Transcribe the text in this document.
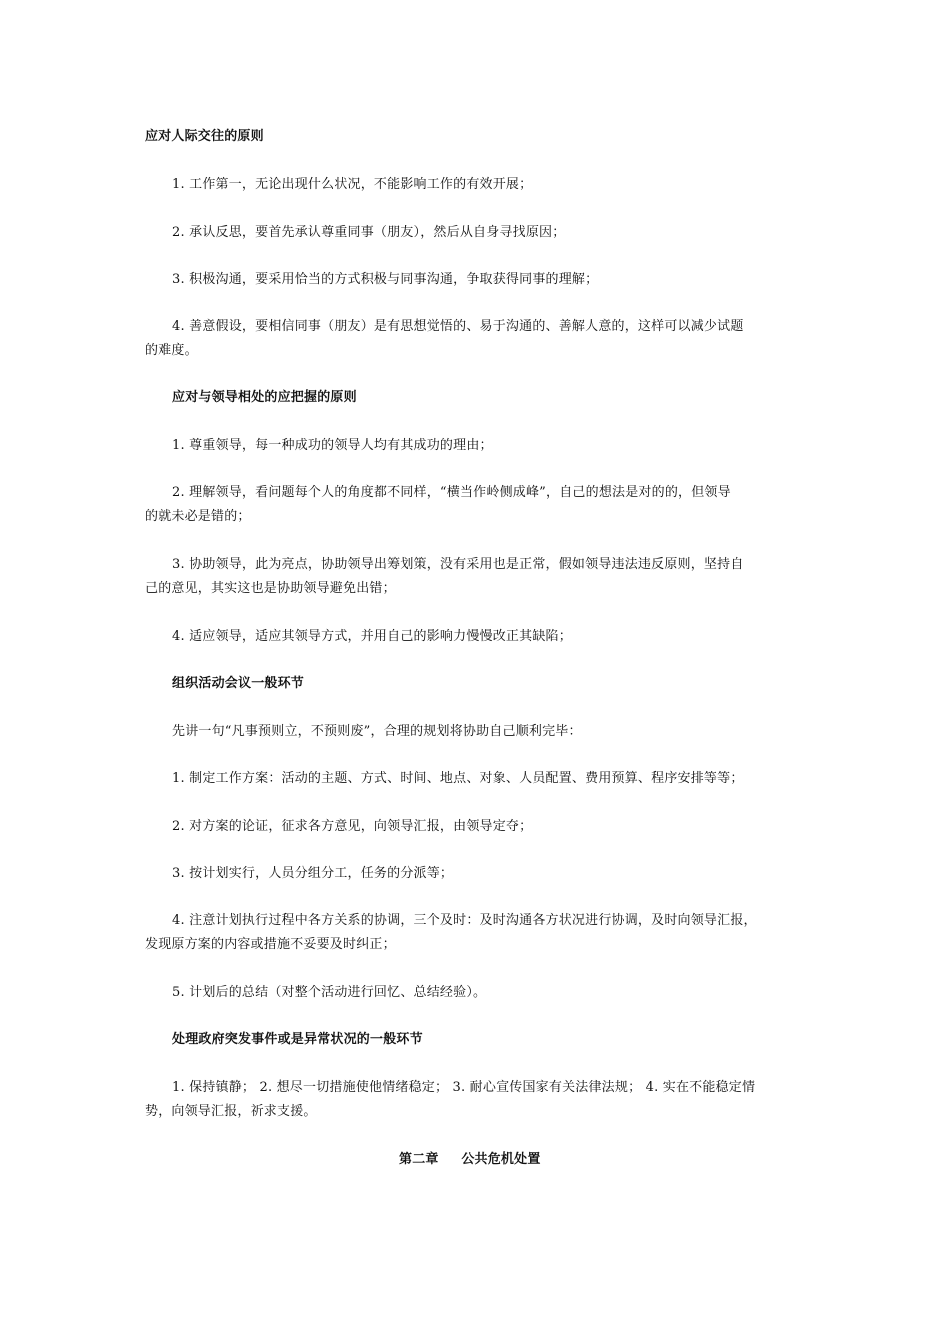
应对人际交往的原则
1. 工作第一，无论出现什么状况，不能影响工作的有效开展；
2. 承认反思，要首先承认尊重同事（朋友），然后从自身寻找原因；
3. 积极沟通，要采用恰当的方式积极与同事沟通，争取获得同事的理解；
4. 善意假设，要相信同事（朋友）是有思想觉悟的、易于沟通的、善解人意的，这样可以减少试题
的难度。
应对与领导相处的应把握的原则
1. 尊重领导，每一种成功的领导人均有其成功的理由；
2. 理解领导，看问题每个人的角度都不同样，“横当作岭侧成峰”，自己的想法是对的的，但领导
的就未必是错的；
3. 协助领导，此为亮点，协助领导出筹划策，没有采用也是正常，假如领导违法违反原则，坚持自
己的意见，其实这也是协助领导避免出错；
4. 适应领导，适应其领导方式，并用自己的影响力慢慢改正其缺陷；
组织活动会议一般环节
先讲一句“凡事预则立，不预则废”，合理的规划将协助自己顺利完毕：
1. 制定工作方案：活动的主题、方式、时间、地点、对象、人员配置、费用预算、程序安排等等；
2. 对方案的论证，征求各方意见，向领导汇报，由领导定夺；
3. 按计划实行，人员分组分工，任务的分派等；
4. 注意计划执行过程中各方关系的协调，三个及时：及时沟通各方状况进行协调，及时向领导汇报，
发现原方案的内容或措施不妥要及时纠正；
5. 计划后的总结（对整个活动进行回忆、总结经验）。
处理政府突发事件或是异常状况的一般环节
1. 保持镇静； 2. 想尽一切措施使他情绪稳定； 3. 耐心宣传国家有关法律法规； 4. 实在不能稳定情
势，向领导汇报，祈求支援。
第二章 公共危机处置
